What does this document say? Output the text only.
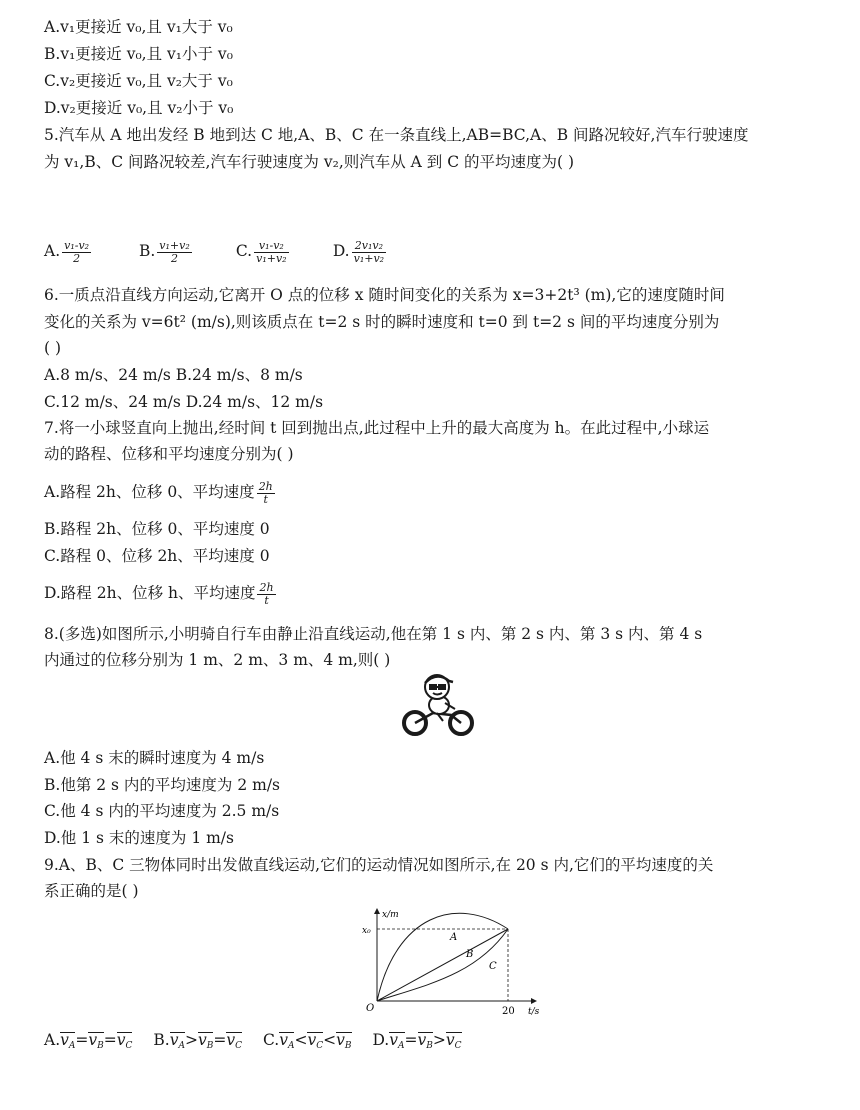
A.v₁更接近 v₀,且 v₁大于 v₀
B.v₁更接近 v₀,且 v₁小于 v₀
C.v₂更接近 v₀,且 v₂大于 v₀
D.v₂更接近 v₀,且 v₂小于 v₀
5.汽车从 A 地出发经 B 地到达 C 地,A、B、C 在一条直线上,AB=BC,A、B 间路况较好,汽车行驶速度
为 v₁,B、C 间路况较差,汽车行驶速度为 v₂,则汽车从 A 到 C 的平均速度为( )
A. $\frac{\text{v₁-v₂}}{2}$	B. $\frac{\text{v₁+v₂}}{2}$	C. $\frac{\text{v₁-v₂}}{\text{v₁+v₂}}$	D. $\frac{\text{2v₁v₂}}{\text{v₁+v₂}}$
6.一质点沿直线方向运动,它离开 O 点的位移 x 随时间变化的关系为 x=3+2t³ (m),它的速度随时间
变化的关系为 v=6t² (m/s),则该质点在 t=2 s 时的瞬时速度和 t=0 到 t=2 s 间的平均速度分别为
( )
A.8 m/s、24 m/s B.24 m/s、8 m/s
C.12 m/s、24 m/s D.24 m/s、12 m/s
7.将一小球竖直向上抛出,经时间 t 回到抛出点,此过程中上升的最大高度为 h。在此过程中,小球运
动的路程、位移和平均速度分别为( )
A.路程 2h、位移 0、平均速度 $\frac{2h}{t}$
B.路程 2h、位移 0、平均速度 0
C.路程 0、位移 2h、平均速度 0
D.路程 2h、位移 h、平均速度 $\frac{2h}{t}$
8.(多选)如图所示,小明骑自行车由静止沿直线运动,他在第 1 s 内、第 2 s 内、第 3 s 内、第 4 s
内通过的位移分别为 1 m、2 m、3 m、4 m,则( )
A.他 4 s 末的瞬时速度为 4 m/s
B.他第 2 s 内的平均速度为 2 m/s
C.他 4 s 内的平均速度为 2.5 m/s
D.他 1 s 末的速度为 1 m/s
9.A、B、C 三物体同时出发做直线运动,它们的运动情况如图所示,在 20 s 内,它们的平均速度的关
系正确的是( )
x/m
t/s
O
x₀
20
A
B
C
A.vA=vB=vC B.vA>vB=vC C.vA<vC<vB D.vA=vB>vC
